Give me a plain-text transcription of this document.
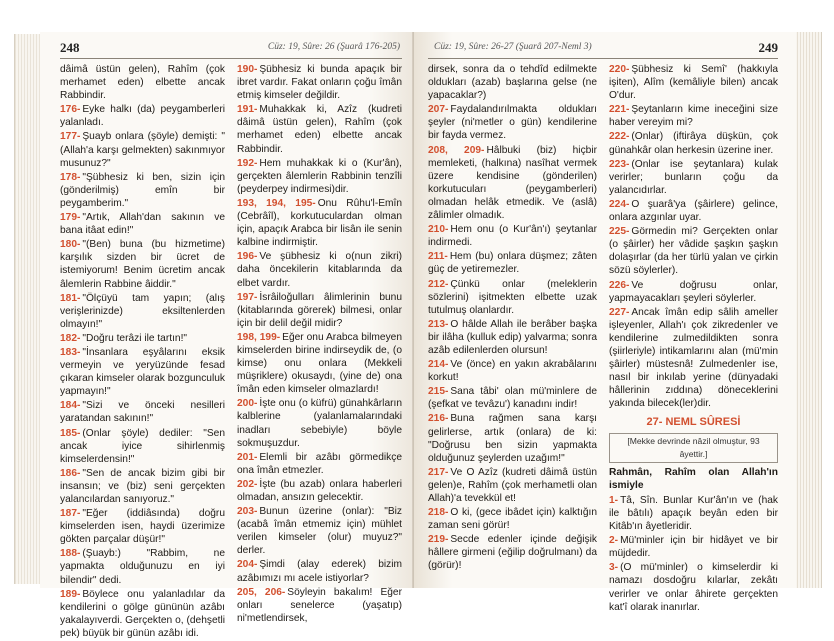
248	Cüz: 19, Sûre: 26 (Şuarâ 176-205)

dâimâ üstün gelen), Rahîm (çok merhamet eden) elbette ancak Rabbindir.

176- Eyke halkı (da) peygamberleri yalanladı.

177- Şuayb onlara (şöyle) demişti: "(Allah'a karşı gelmekten) sakınmıyor musunuz?"

178- "Şübhesiz ki ben, sizin için (gönderilmiş) emîn bir peygamberim."

179- "Artık, Allah'dan sakının ve bana itâat edin!"

180- "(Ben) buna (bu hizmetime) karşılık sizden bir ücret de istemiyorum! Benim ücretim ancak âlemlerin Rabbine âiddir."

181- "Ölçüyü tam yapın; (alış verişlerinizde) eksiltenlerden olmayın!"

182- "Doğru terâzi ile tartın!"

183- "İnsanlara eşyâlarını eksik vermeyin ve yeryüzünde fesad çıkaran kimseler olarak bozgunculuk yapmayın!"

184- "Sizi ve önceki nesilleri yaratandan sakının!"

185- (Onlar şöyle) dediler: "Sen ancak iyice sihirlenmiş kimselerdensin!"

186- "Sen de ancak bizim gibi bir insansın; ve (biz) seni gerçekten yalancılardan sanıyoruz."

187- "Eğer (iddiâsında) doğru kimselerden isen, haydi üzerimize gökten parçalar düşür!"

188- (Şuayb:) "Rabbim, ne yapmakta olduğunuzu en iyi bilendir" dedi.

189- Böylece onu yalanladılar da kendilerini o gölge gününün azâbı yakalayıverdi. Gerçekten o, (dehşetli pek) büyük bir günün azâbı idi.

190- Şübhesiz ki bunda apaçık bir ibret vardır. Fakat onların çoğu îmân etmiş kimseler değildir.

191- Muhakkak ki, Azîz (kudreti dâimâ üstün gelen), Rahîm (çok merhamet eden) elbette ancak Rabbindir.

192- Hem muhakkak ki o (Kur'ân), gerçekten âlemlerin Rabbinin tenzîli (peyderpey indirmesi)dir.

193, 194, 195- Onu Rûhu'l-Emîn (Cebrâîl), korkutuculardan olman için, apaçık Arabca bir lisân ile senin kalbine indirmiştir.

196- Ve şübhesiz ki o(nun zikri) daha öncekilerin kitablarında da elbet vardır.

197- İsrâiloğulları âlimlerinin bunu (kitablarında görerek) bilmesi, onlar için bir delil değil midir?

198, 199- Eğer onu Arabca bilmeyen kimselerden birine indirseydik de, (o kimse) onu onlara (Mekkeli müşriklere) okusaydı, (yine de) ona îmân eden kimseler olmazlardı!

200- İşte onu (o küfrü) günahkârların kalblerine (yalanlamalarındaki inadları sebebiyle) böyle sokmuşuzdur.

201- Elemli bir azâbı görmedikçe ona îmân etmezler.

202- İşte (bu azab) onlara haberleri olmadan, ansızın gelecektir.

203- Bunun üzerine (onlar): "Biz (acabâ îmân etmemiz için) mühlet verilen kimseler (olur) muyuz?" derler.

204- Şimdi (alay ederek) bizim azâbımızı mı acele istiyorlar?

205, 206- Söyleyin bakalım! Eğer onları senelerce (yaşatıp) ni'metlendirsek,

Cüz: 19, Sûre: 26-27 (Şuarâ 207-Neml 3)	249

dirsek, sonra da o tehdîd edilmekte oldukları (azab) başlarına gelse (ne yapacaklar?)

207- Faydalandırılmakta oldukları şeyler (ni'metler o gün) kendilerine bir fayda vermez.

208, 209- Hâlbuki (biz) hiçbir memleketi, (halkına) nasîhat vermek üzere kendisine (gönderilen) korkutucuları (peygamberleri) olmadan helâk etmedik. Ve (aslâ) zâlimler olmadık.

210- Hem onu (o Kur'ân'ı) şeytanlar indirmedi.

211- Hem (bu) onlara düşmez; zâten güç de yetiremezler.

212- Çünkü onlar (meleklerin sözlerini) işitmekten elbette uzak tutulmuş olanlardır.

213- O hâlde Allah ile berâber başka bir ilâha (kulluk edip) yalvarma; sonra azâb edilenlerden olursun!

214- Ve (önce) en yakın akrabâlarını korkut!

215- Sana tâbi' olan mü'minlere de (şefkat ve tevâzu') kanadını indir!

216- Buna rağmen sana karşı gelirlerse, artık (onlara) de ki: "Doğrusu ben sizin yapmakta olduğunuz şeylerden uzağım!"

217- Ve O Azîz (kudreti dâimâ üstün gelen)e, Rahîm (çok merhametli olan Allah)'a tevekkül et!

218- O ki, (gece ibâdet için) kalktığın zaman seni görür!

219- Secde edenler içinde değişik hâllere girmeni (eğilip doğrulmanı) da (görür)!

220- Şübhesiz ki Semî' (hakkıyla işiten), Alîm (kemâliyle bilen) ancak O'dur.

221- Şeytanların kime ineceğini size haber vereyim mi?

222- (Onlar) (iftirâya düşkün, çok günahkâr olan herkesin üzerine iner.

223- (Onlar ise şeytanlara) kulak verirler; bunların çoğu da yalancıdırlar.

224- O şuarâ'ya (şâirlere) gelince, onlara azgınlar uyar.

225- Görmedin mi? Gerçekten onlar (o şâirler) her vâdide şaşkın şaşkın dolaşırlar (da her türlü yalan ve çirkin sözü söylerler).

226- Ve doğrusu onlar, yapmayacakları şeyleri söylerler.

227- Ancak îmân edip sâlih ameller işleyenler, Allah'ı çok zikredenler ve kendilerine zulmedildikten sonra (şiirleriyle) intikamlarını alan (mü'min şâirler) müstesnâ! Zulmedenler ise, nasıl bir inkılab yerine (dünyadaki hâllerinin zıddına) döneceklerini yakında bilecek(ler)dir.

27- NEML SÛRESİ
[Mekke devrinde nâzil olmuştur, 93 âyettir.]
Rahmân, Rahîm olan Allah'ın ismiyle

1- Tâ, Sîn. Bunlar Kur'ân'ın ve (hak ile bâtılı) apaçık beyân eden bir Kitâb'ın âyetleridir.

2- Mü'minler için bir hidâyet ve bir müjdedir.

3- (O mü'minler) o kimselerdir ki namazı dosdoğru kılarlar, zekâtı verirler ve onlar âhirete gerçekten kat'î olarak inanırlar.
